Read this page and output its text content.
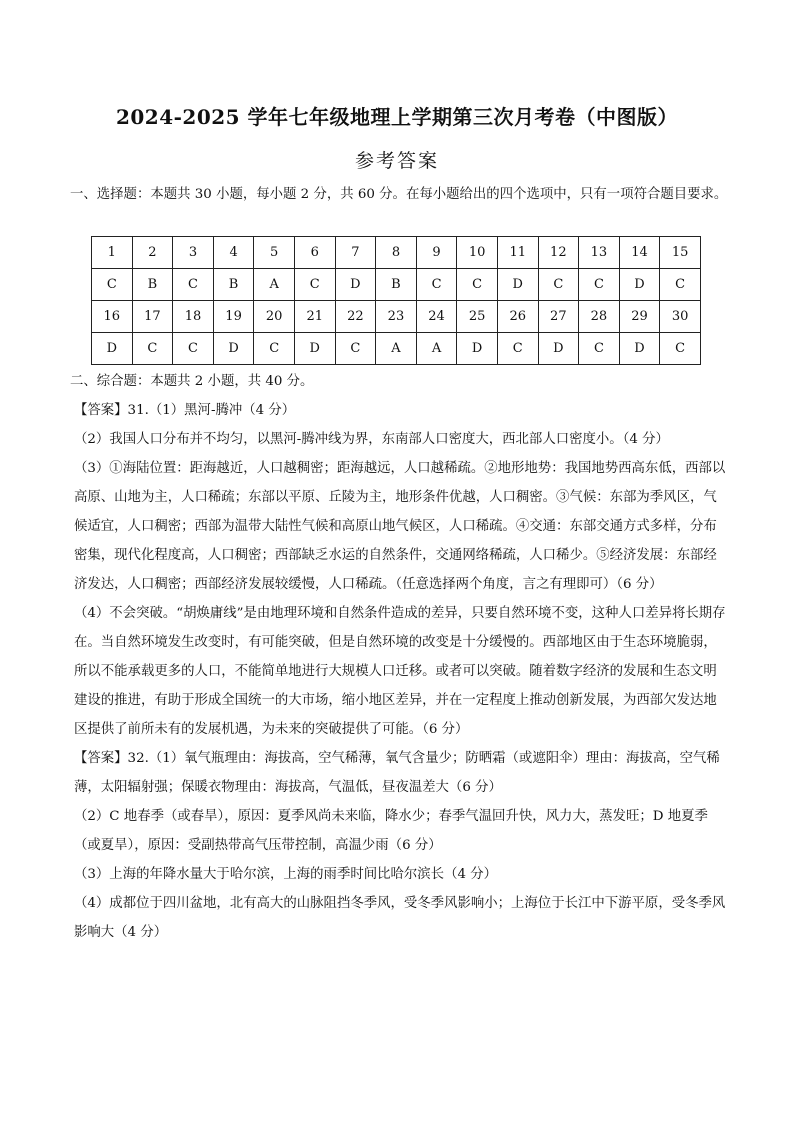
2024-2025 学年七年级地理上学期第三次月考卷（中图版）
参考答案
一、选择题：本题共 30 小题，每小题 2 分，共 60 分。在每小题给出的四个选项中，只有一项符合题目要求。
1	2	3	4	5	6	7	8	9	10	11	12	13	14	15
C	B	C	B	A	C	D	B	C	C	D	C	C	D	C
16	17	18	19	20	21	22	23	24	25	26	27	28	29	30
D	C	C	D	C	D	C	A	A	D	C	D	C	D	C
二、综合题：本题共 2 小题，共 40 分。

【答案】31.（1）黑河-腾冲（4 分）

（2）我国人口分布并不均匀，以黑河-腾冲线为界，东南部人口密度大，西北部人口密度小。（4 分）

（3）①海陆位置：距海越近，人口越稠密；距海越远，人口越稀疏。②地形地势：我国地势西高东低，西部以高原、山地为主，人口稀疏；东部以平原、丘陵为主，地形条件优越，人口稠密。③气候：东部为季风区，气候适宜，人口稠密；西部为温带大陆性气候和高原山地气候区，人口稀疏。④交通：东部交通方式多样，分布密集，现代化程度高，人口稠密；西部缺乏水运的自然条件，交通网络稀疏，人口稀少。⑤经济发展：东部经济发达，人口稠密；西部经济发展较缓慢，人口稀疏。（任意选择两个角度，言之有理即可）（6 分）

（4）不会突破。“胡焕庸线”是由地理环境和自然条件造成的差异，只要自然环境不变，这种人口差异将长期存在。当自然环境发生改变时，有可能突破，但是自然环境的改变是十分缓慢的。西部地区由于生态环境脆弱，所以不能承载更多的人口，不能简单地进行大规模人口迁移。或者可以突破。随着数字经济的发展和生态文明建设的推进，有助于形成全国统一的大市场，缩小地区差异，并在一定程度上推动创新发展，为西部欠发达地区提供了前所未有的发展机遇，为未来的突破提供了可能。（6 分）

【答案】32.（1）氧气瓶理由：海拔高，空气稀薄，氧气含量少；防晒霜（或遮阳伞）理由：海拔高，空气稀薄，太阳辐射强；保暖衣物理由：海拔高，气温低，昼夜温差大（6 分）

（2）C 地春季（或春旱），原因：夏季风尚未来临，降水少；春季气温回升快，风力大，蒸发旺；D 地夏季（或夏旱），原因：受副热带高气压带控制，高温少雨（6 分）

（3）上海的年降水量大于哈尔滨，上海的雨季时间比哈尔滨长（4 分）

（4）成都位于四川盆地，北有高大的山脉阻挡冬季风，受冬季风影响小；上海位于长江中下游平原，受冬季风影响大（4 分）
